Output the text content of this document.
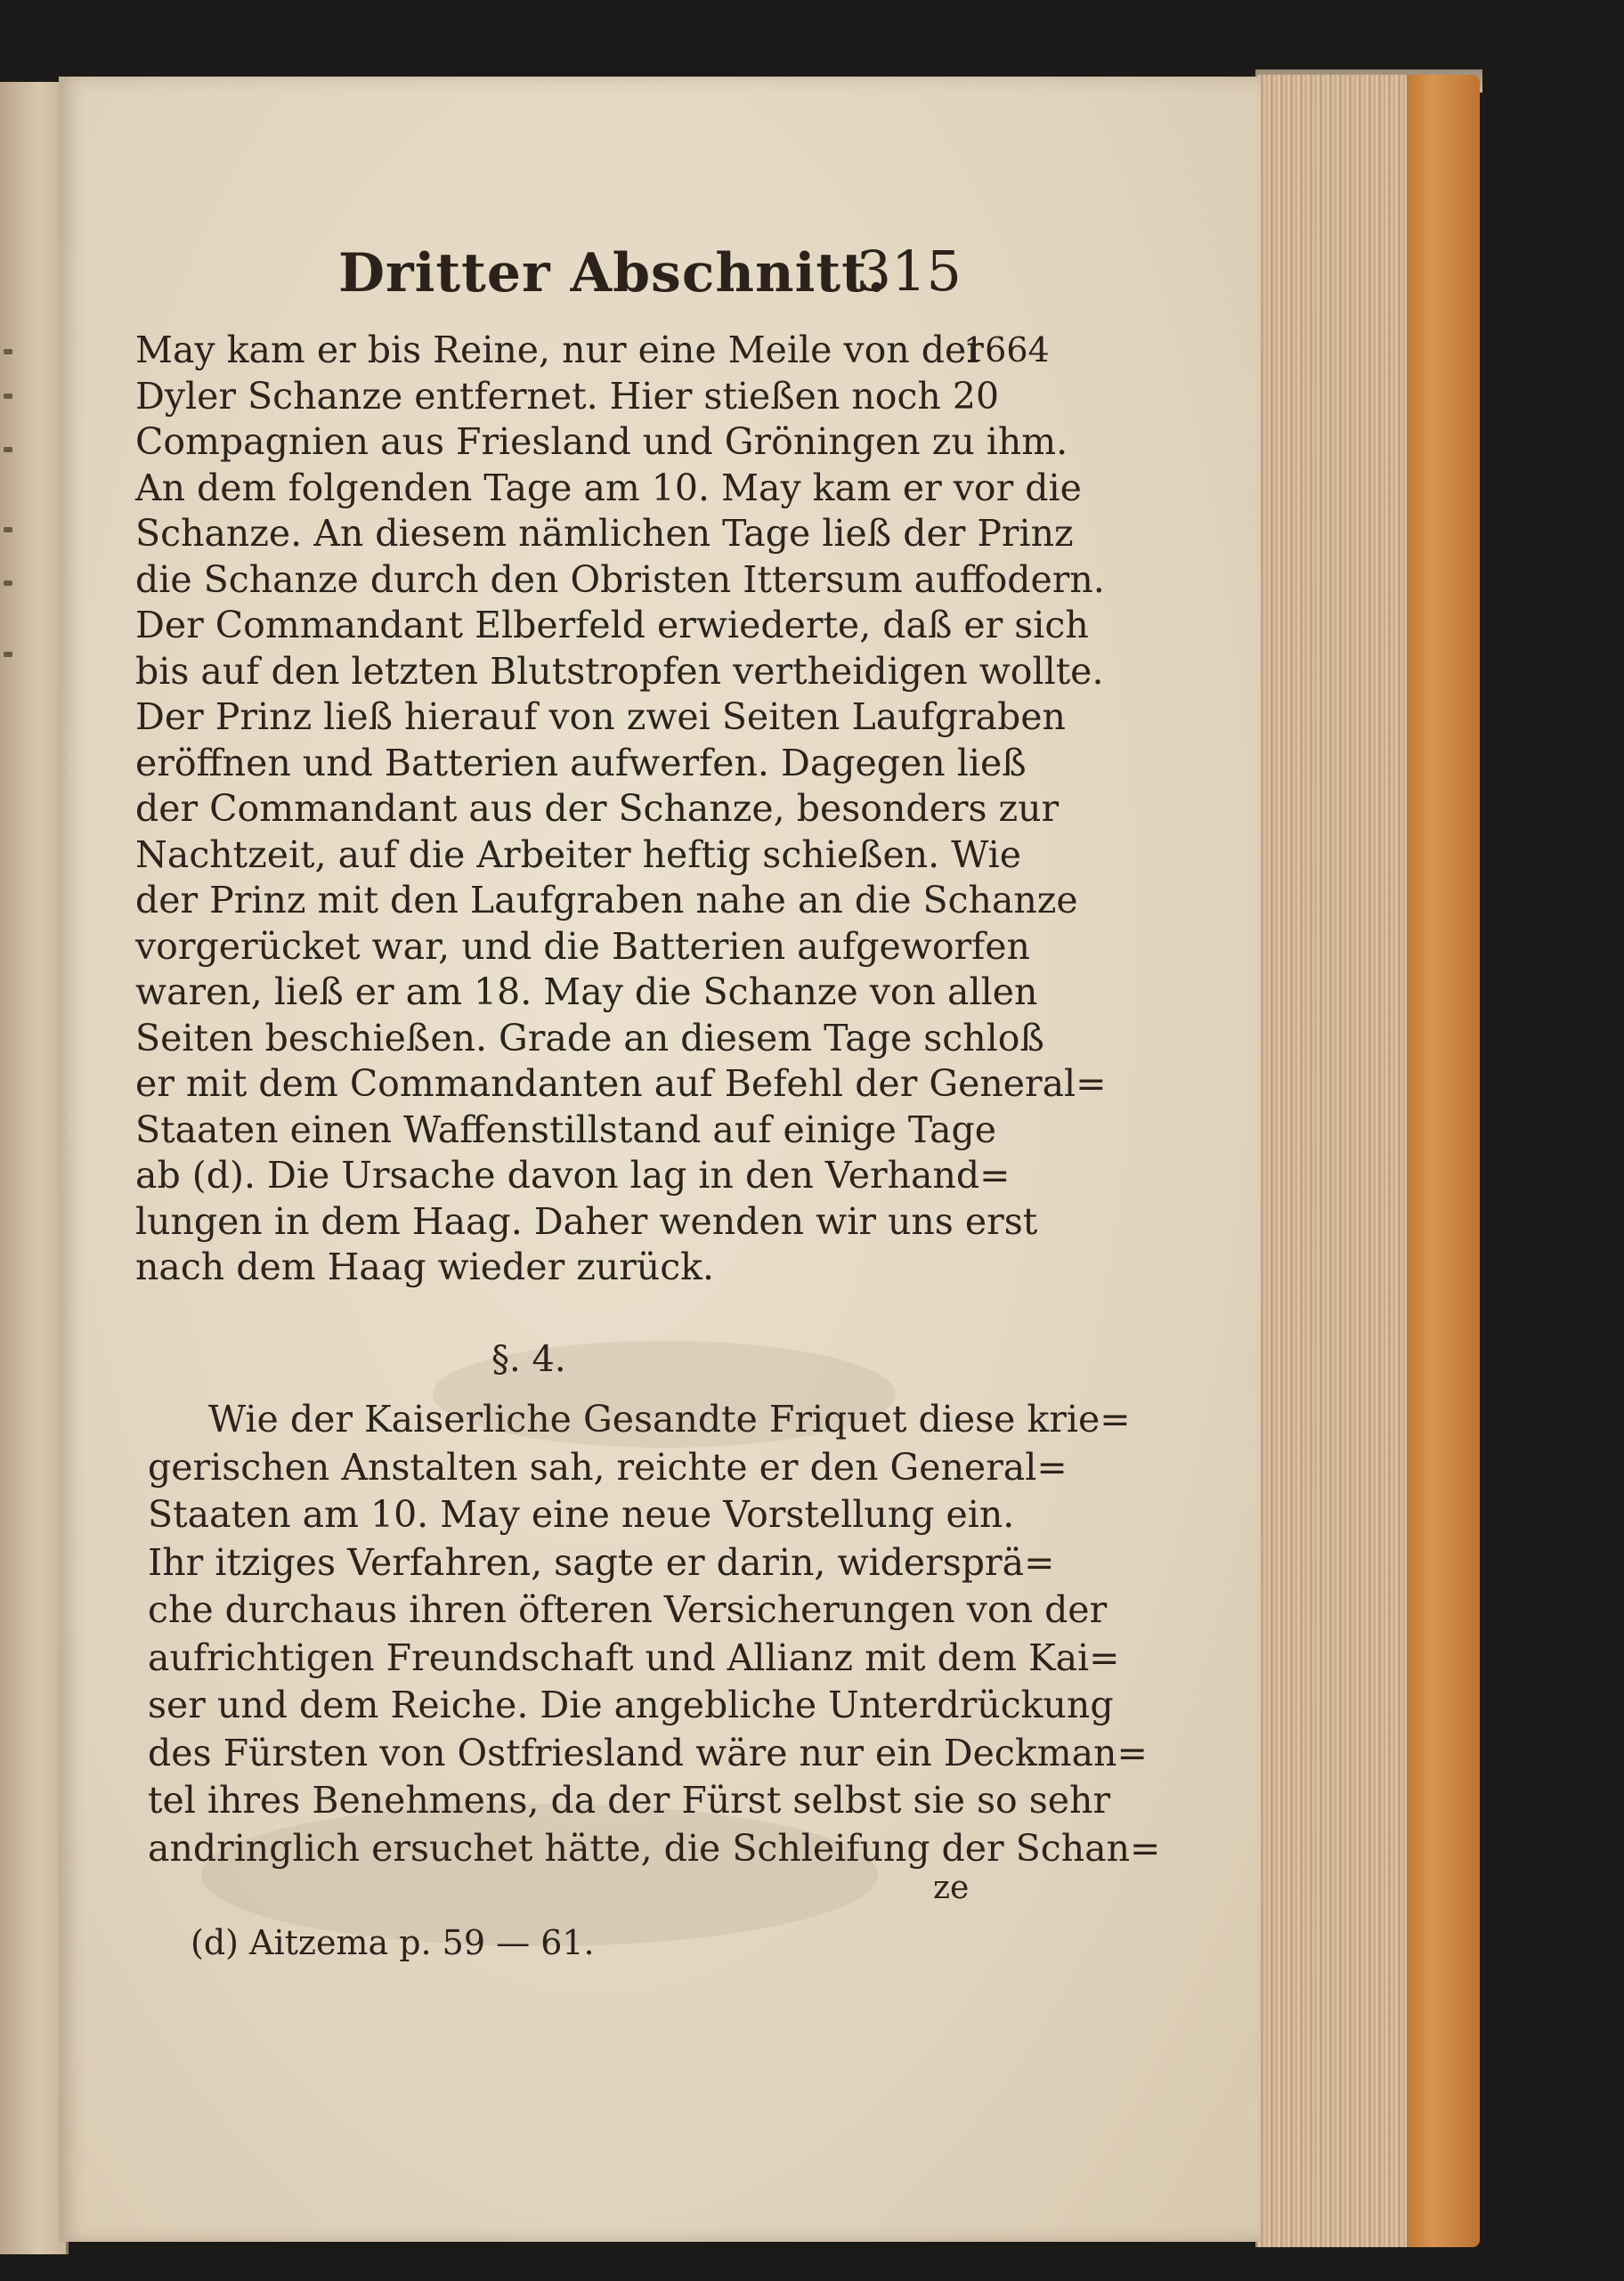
Dritter Abschnitt.
315
1664
May kam er bis Reine, nur eine Meile von der
Dyler Schanze entfernet. Hier stießen noch 20
Compagnien aus Friesland und Gröningen zu ihm.
An dem folgenden Tage am 10. May kam er vor die
Schanze. An diesem nämlichen Tage ließ der Prinz
die Schanze durch den Obristen Ittersum auffodern.
Der Commandant Elberfeld erwiederte, daß er sich
bis auf den letzten Blutstropfen vertheidigen wollte.
Der Prinz ließ hierauf von zwei Seiten Laufgraben
eröffnen und Batterien aufwerfen. Dagegen ließ
der Commandant aus der Schanze, besonders zur
Nachtzeit, auf die Arbeiter heftig schießen. Wie
der Prinz mit den Laufgraben nahe an die Schanze
vorgerücket war, und die Batterien aufgeworfen
waren, ließ er am 18. May die Schanze von allen
Seiten beschießen. Grade an diesem Tage schloß
er mit dem Commandanten auf Befehl der General=
Staaten einen Waffenstillstand auf einige Tage
ab (d). Die Ursache davon lag in den Verhand=
lungen in dem Haag. Daher wenden wir uns erst
nach dem Haag wieder zurück.
§. 4.
Wie der Kaiserliche Gesandte Friquet diese krie=
gerischen Anstalten sah, reichte er den General=
Staaten am 10. May eine neue Vorstellung ein.
Ihr itziges Verfahren, sagte er darin, widersprä=
che durchaus ihren öfteren Versicherungen von der
aufrichtigen Freundschaft und Allianz mit dem Kai=
ser und dem Reiche. Die angebliche Unterdrückung
des Fürsten von Ostfriesland wäre nur ein Deckman=
tel ihres Benehmens, da der Fürst selbst sie so sehr
andringlich ersuchet hätte, die Schleifung der Schan=
ze
(d) Aitzema p. 59 — 61.
